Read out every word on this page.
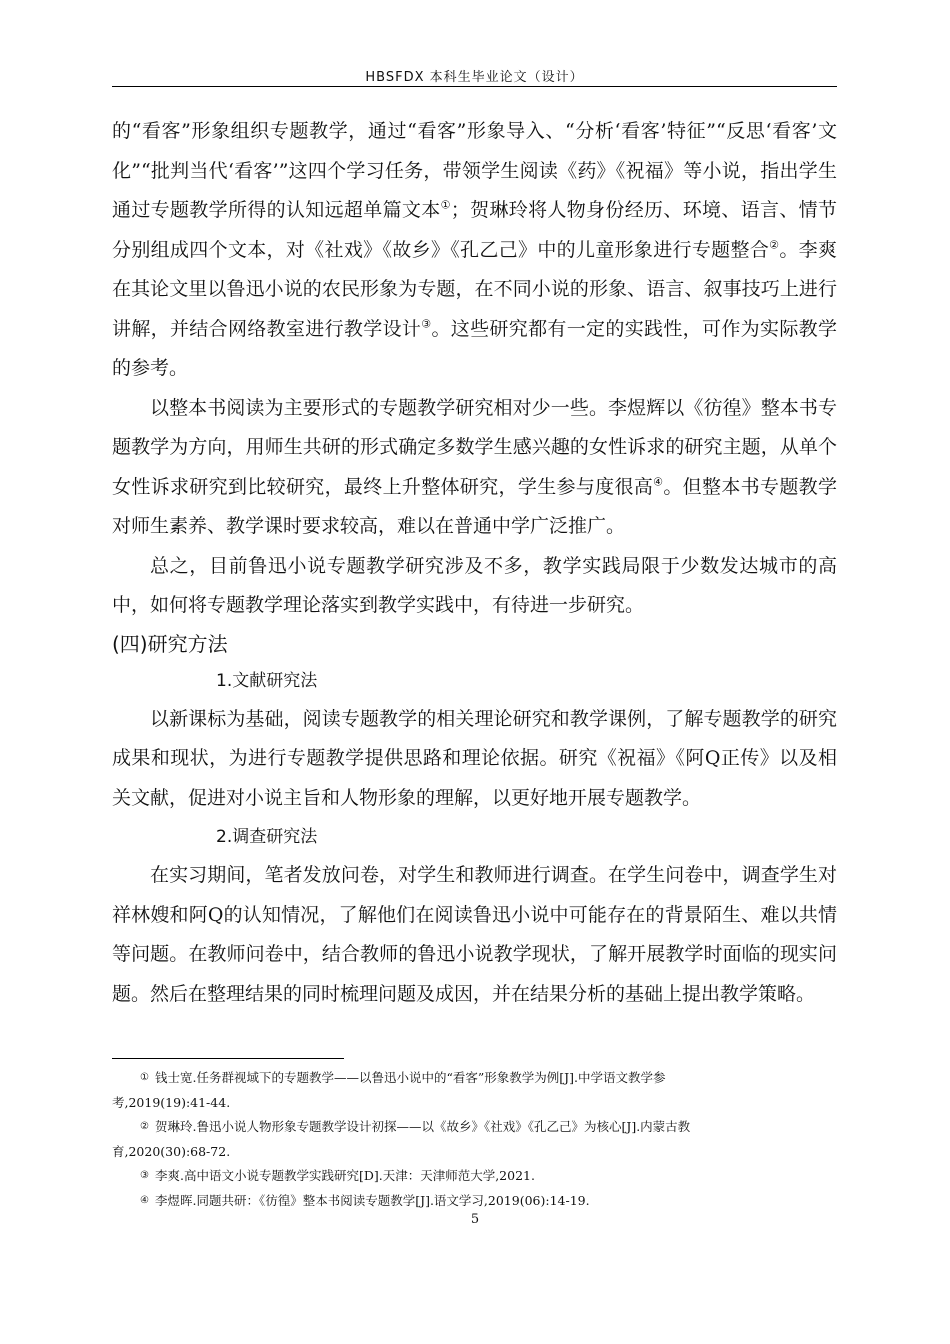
HBSFDX 本科生毕业论文（设计）

的“看客”形象组织专题教学，通过“看客”形象导入、“分析‘看客’特征”“反思‘看客’文化”“批判当代‘看客’”这四个学习任务，带领学生阅读《药》《祝福》等小说，指出学生通过专题教学所得的认知远超单篇文本①；贺琳玲将人物身份经历、环境、语言、情节分别组成四个文本，对《社戏》《故乡》《孔乙己》中的儿童形象进行专题整合②。李爽在其论文里以鲁迅小说的农民形象为专题，在不同小说的形象、语言、叙事技巧上进行讲解，并结合网络教室进行教学设计③。这些研究都有一定的实践性，可作为实际教学的参考。

以整本书阅读为主要形式的专题教学研究相对少一些。李煜辉以《彷徨》整本书专题教学为方向，用师生共研的形式确定多数学生感兴趣的女性诉求的研究主题，从单个女性诉求研究到比较研究，最终上升整体研究，学生参与度很高④。但整本书专题教学对师生素养、教学课时要求较高，难以在普通中学广泛推广。

总之，目前鲁迅小说专题教学研究涉及不多，教学实践局限于少数发达城市的高中，如何将专题教学理论落实到教学实践中，有待进一步研究。

(四)研究方法

1.文献研究法

以新课标为基础，阅读专题教学的相关理论研究和教学课例，了解专题教学的研究成果和现状，为进行专题教学提供思路和理论依据。研究《祝福》《阿Q正传》以及相关文献，促进对小说主旨和人物形象的理解，以更好地开展专题教学。

2.调查研究法

在实习期间，笔者发放问卷，对学生和教师进行调查。在学生问卷中，调查学生对祥林嫂和阿Q的认知情况，了解他们在阅读鲁迅小说中可能存在的背景陌生、难以共情等问题。在教师问卷中，结合教师的鲁迅小说教学现状，了解开展教学时面临的现实问题。然后在整理结果的同时梳理问题及成因，并在结果分析的基础上提出教学策略。

① 钱士宽.任务群视域下的专题教学——以鲁迅小说中的“看客”形象教学为例[J].中学语文教学参

考,2019(19):41-44.

② 贺琳玲.鲁迅小说人物形象专题教学设计初探——以《故乡》《社戏》《孔乙己》为核心[J].内蒙古教

育,2020(30):68-72.

③ 李爽.高中语文小说专题教学实践研究[D].天津：天津师范大学,2021.

④ 李煜晖.同题共研：《彷徨》整本书阅读专题教学[J].语文学习,2019(06):14-19.

5
